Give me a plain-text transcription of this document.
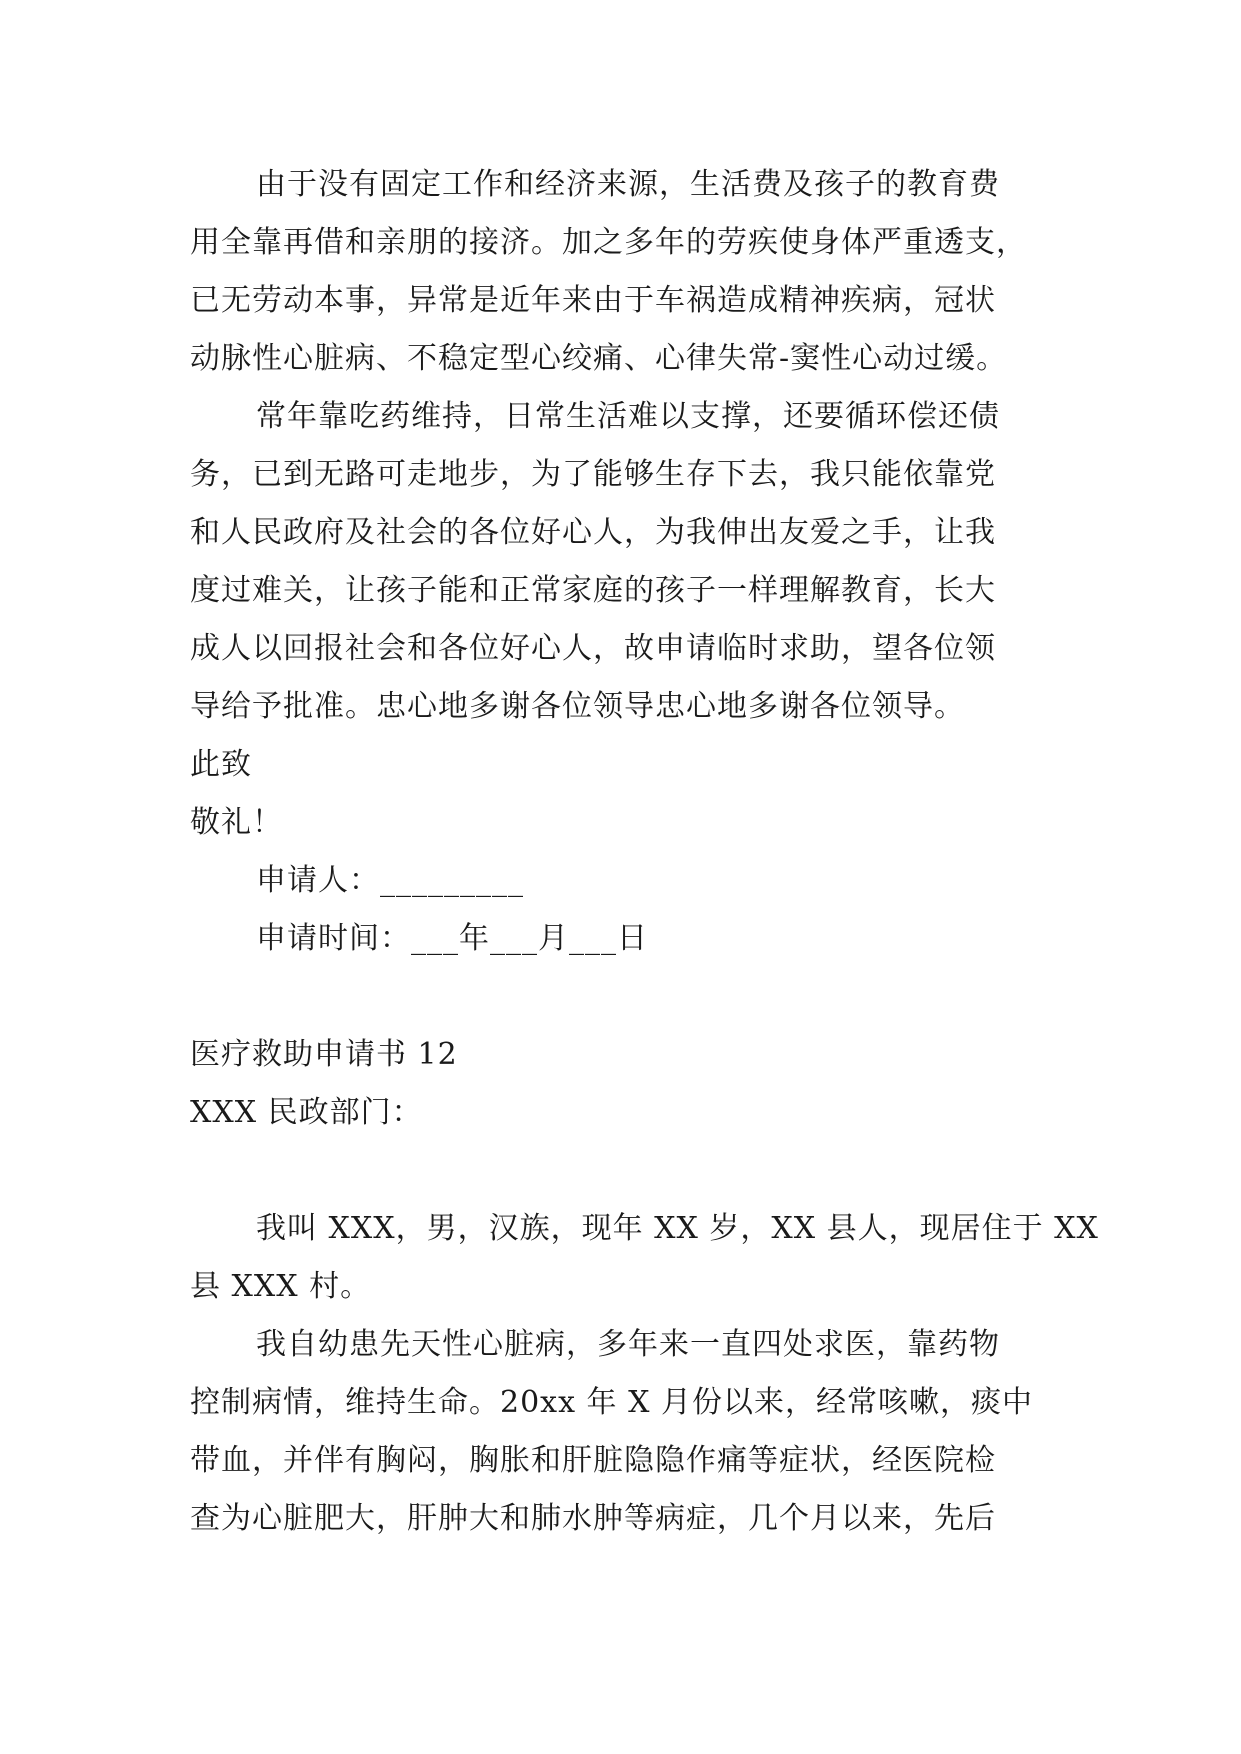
由于没有固定工作和经济来源，生活费及孩子的教育费
用全靠再借和亲朋的接济。加之多年的劳疾使身体严重透支，
已无劳动本事，异常是近年来由于车祸造成精神疾病，冠状
动脉性心脏病、不稳定型心绞痛、心律失常-窦性心动过缓。
常年靠吃药维持，日常生活难以支撑，还要循环偿还债
务，已到无路可走地步，为了能够生存下去，我只能依靠党
和人民政府及社会的各位好心人，为我伸出友爱之手，让我
度过难关，让孩子能和正常家庭的孩子一样理解教育，长大
成人以回报社会和各位好心人，故申请临时求助，望各位领
导给予批准。忠心地多谢各位领导忠心地多谢各位领导。
此致
敬礼！
申请人：_________
申请时间：___年___月___日
医疗救助申请书 12
XXX 民政部门：
我叫 XXX，男，汉族，现年 XX 岁，XX 县人，现居住于 XX
县 XXX 村。
我自幼患先天性心脏病，多年来一直四处求医，靠药物
控制病情，维持生命。20xx 年 X 月份以来，经常咳嗽，痰中
带血，并伴有胸闷，胸胀和肝脏隐隐作痛等症状，经医院检
查为心脏肥大，肝肿大和肺水肿等病症，几个月以来，先后
